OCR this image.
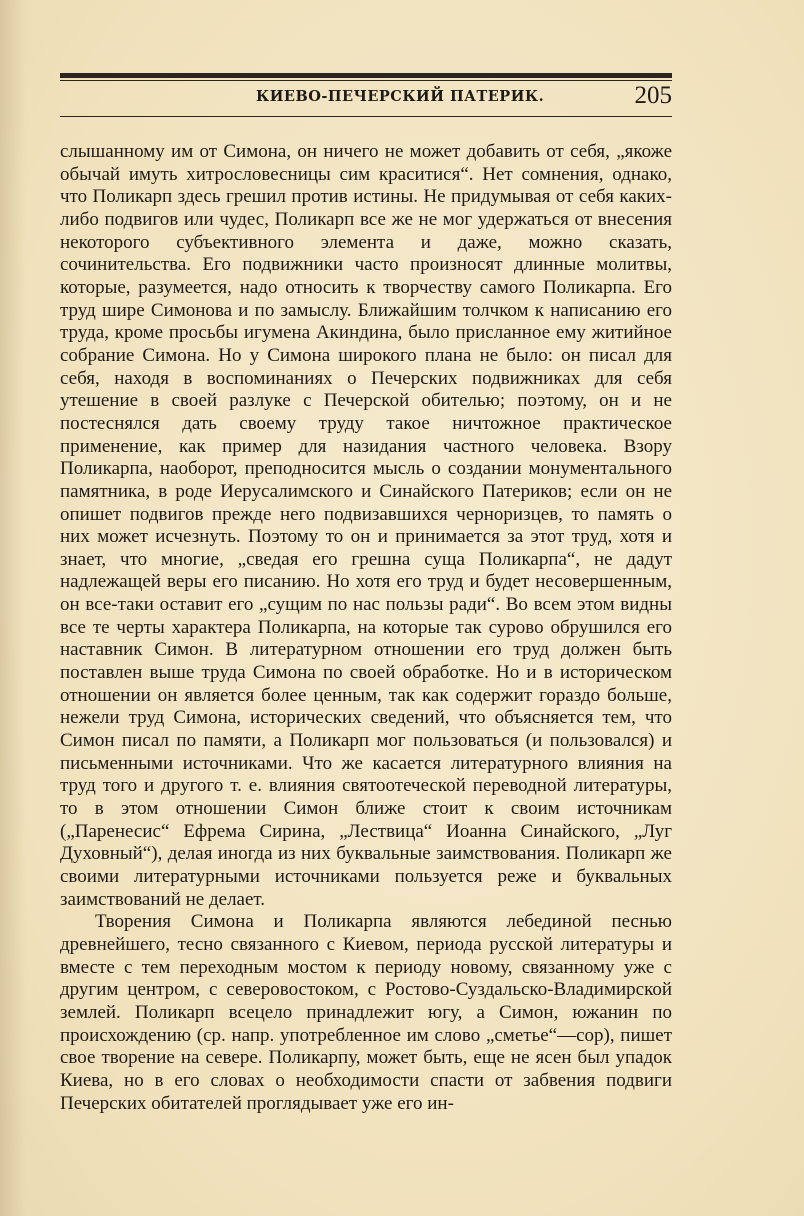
КИЕВО-ПЕЧЕРСКИЙ ПАТЕРИК.	205

слышанному им от Симона, он ничего не может добавить от себя, „якоже обычай имуть хитрословесницы сим краситися“. Нет сомнения, однако, что Поликарп здесь грешил против истины. Не придумывая от себя каких-либо подвигов или чудес, Поликарп все же не мог удержаться от внесения некоторого субъективного элемента и даже, можно сказать, сочинительства. Его подвижники часто произносят длинные молитвы, которые, разумеется, надо относить к творчеству самого Поликарпа. Его труд шире Симонова и по замыслу. Ближайшим толчком к написанию его труда, кроме просьбы игумена Акиндина, было присланное ему житийное собрание Симона. Но у Симона широкого плана не было: он писал для себя, находя в воспоминаниях о Печерских подвижниках для себя утешение в своей разлуке с Печерской обителью; поэтому, он и не постеснялся дать своему труду такое ничтожное практическое применение, как пример для назидания частного человека. Взору Поликарпа, наоборот, преподносится мысль о создании монументального памятника, в роде Иерусалимского и Синайского Патериков; если он не опишет подвигов прежде него подвизавшихся черноризцев, то память о них может исчезнуть. Поэтому то он и принимается за этот труд, хотя и знает, что многие, „сведая его грешна суща Поликарпа“, не дадут надлежащей веры его писанию. Но хотя его труд и будет несовершенным, он все-таки оставит его „сущим по нас пользы ради“. Во всем этом видны все те черты характера Поликарпа, на которые так сурово обрушился его наставник Симон. В литературном отношении его труд должен быть поставлен выше труда Симона по своей обработке. Но и в историческом отношении он является более ценным, так как содержит гораздо больше, нежели труд Симона, исторических сведений, что объясняется тем, что Симон писал по памяти, а Поликарп мог пользоваться (и пользовался) и письменными источниками. Что же касается литературного влияния на труд того и другого т. е. влияния святоотеческой переводной литературы, то в этом отношении Симон ближе стоит к своим источникам („Паренесис“ Ефрема Сирина, „Лествица“ Иоанна Синайского, „Луг Духовный“), делая иногда из них буквальные заимствования. Поликарп же своими литературными источниками пользуется реже и буквальных заимствований не делает.

Творения Симона и Поликарпа являются лебединой песнью древнейшего, тесно связанного с Киевом, периода русской литературы и вместе с тем переходным мостом к периоду новому, связанному уже с другим центром, с северовостоком, с Ростово-Суздальско-Владимирской землей. Поликарп всецело принадлежит югу, а Симон, южанин по происхождению (ср. напр. употребленное им слово „сметье“—сор), пишет свое творение на севере. Поликарпу, может быть, еще не ясен был упадок Киева, но в его словах о необходимости спасти от забвения подвиги Печерских обитателей проглядывает уже его ин-
